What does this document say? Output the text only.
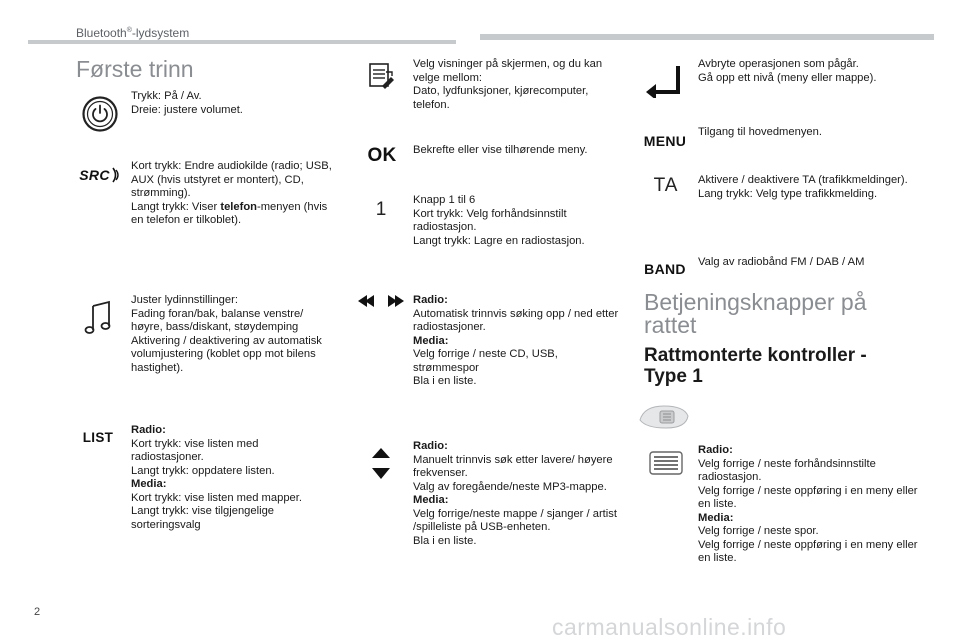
Bluetooth®-lydsystem
Første trinn
Trykk: På / Av.
Dreie: justere volumet.
SRC
Kort trykk: Endre audiokilde (radio; USB, AUX (hvis utstyret er montert), CD, strømming).
Langt trykk: Viser telefon-menyen (hvis en telefon er tilkoblet).
Juster lydinnstillinger:
Fading foran/bak, balanse venstre/ høyre, bass/diskant, støydemping
Aktivering / deaktivering av automatisk volumjustering (koblet opp mot bilens hastighet).
LIST Radio:
Kort trykk: vise listen med radiostasjoner.
Langt trykk: oppdatere listen.
Media:
Kort trykk: vise listen med mapper.
Langt trykk: vise tilgjengelige sorteringsvalg
Velg visninger på skjermen, og du kan velge mellom:
Dato, lydfunksjoner, kjørecomputer, telefon.
OK Bekrefte eller vise tilhørende meny.
1 Knapp 1 til 6
Kort trykk: Velg forhåndsinnstilt radiostasjon.
Langt trykk: Lagre en radiostasjon.
Radio:
Automatisk trinnvis søking opp / ned etter radiostasjoner.
Media:
Velg forrige / neste CD, USB, strømmespor
Bla i en liste.
Radio:
Manuelt trinnvis søk etter lavere/ høyere frekvenser.
Valg av foregående/neste MP3-mappe.
Media:
Velg forrige/neste mappe / sjanger / artist /spilleliste på USB-enheten.
Bla i en liste.
Avbryte operasjonen som pågår.
Gå opp ett nivå (meny eller mappe).
MENU
Tilgang til hovedmenyen.
TA Aktivere / deaktivere TA (trafikkmeldinger).
Lang trykk: Velg type trafikkmelding.
BAND Valg av radiobånd FM / DAB / AM
Betjeningsknapper på rattet
Rattmonterte kontroller - Type 1
Radio:
Velg forrige / neste forhåndsinnstilte radiostasjon.
Velg forrige / neste oppføring i en meny eller en liste.
Media:
Velg forrige / neste spor.
Velg forrige / neste oppføring i en meny eller en liste.
2
carmanualsonline.info
